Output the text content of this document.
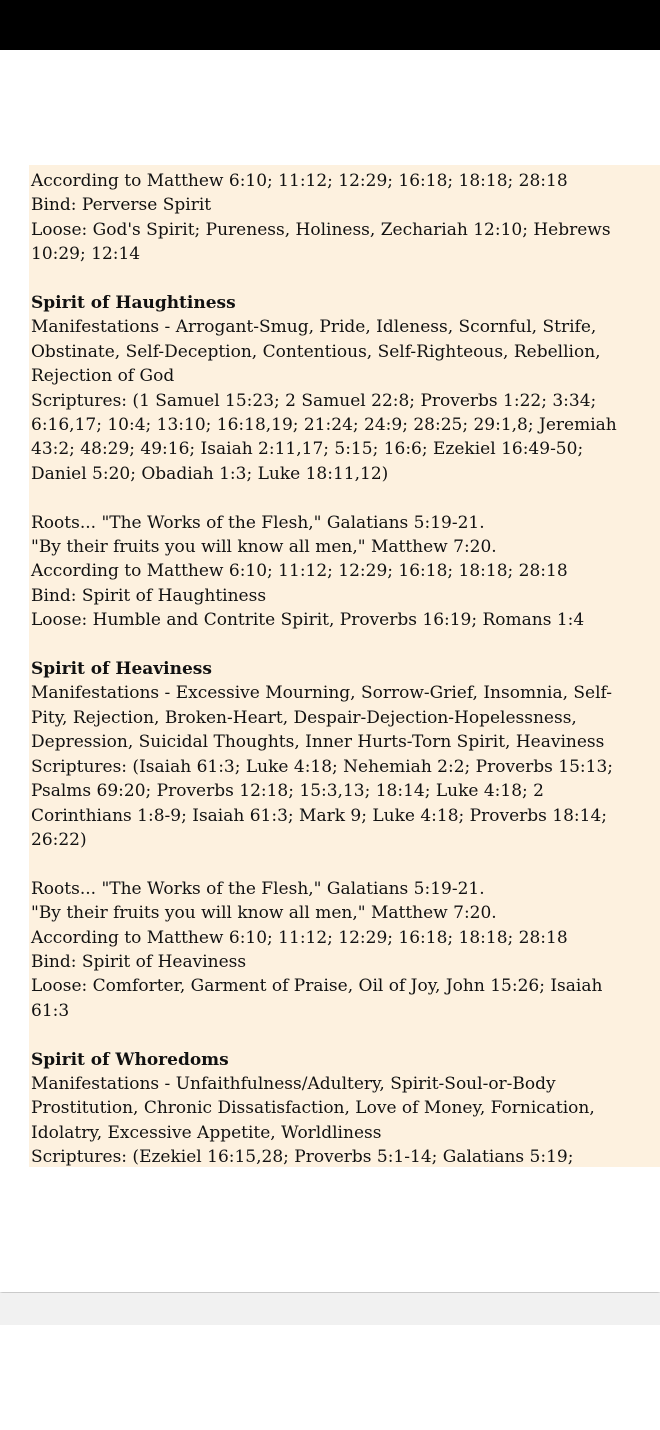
According to Matthew 6:10; 11:12; 12:29; 16:18; 18:18; 28:18
Bind: Perverse Spirit
Loose: God's Spirit; Pureness, Holiness, Zechariah 12:10; Hebrews
10:29; 12:14
Spirit of Haughtiness
Manifestations - Arrogant-Smug, Pride, Idleness, Scornful, Strife,
Obstinate, Self-Deception, Contentious, Self-Righteous, Rebellion,
Rejection of God
Scriptures: (1 Samuel 15:23; 2 Samuel 22:8; Proverbs 1:22; 3:34;
6:16,17; 10:4; 13:10; 16:18,19; 21:24; 24:9; 28:25; 29:1,8; Jeremiah
43:2; 48:29; 49:16; Isaiah 2:11,17; 5:15; 16:6; Ezekiel 16:49-50;
Daniel 5:20; Obadiah 1:3; Luke 18:11,12)
Roots... "The Works of the Flesh," Galatians 5:19-21.
"By their fruits you will know all men," Matthew 7:20.
According to Matthew 6:10; 11:12; 12:29; 16:18; 18:18; 28:18
Bind: Spirit of Haughtiness
Loose: Humble and Contrite Spirit, Proverbs 16:19; Romans 1:4
Spirit of Heaviness
Manifestations - Excessive Mourning, Sorrow-Grief, Insomnia, Self-
Pity, Rejection, Broken-Heart, Despair-Dejection-Hopelessness,
Depression, Suicidal Thoughts, Inner Hurts-Torn Spirit, Heaviness
Scriptures: (Isaiah 61:3; Luke 4:18; Nehemiah 2:2; Proverbs 15:13;
Psalms 69:20; Proverbs 12:18; 15:3,13; 18:14; Luke 4:18; 2
Corinthians 1:8-9; Isaiah 61:3; Mark 9; Luke 4:18; Proverbs 18:14;
26:22)
Roots... "The Works of the Flesh," Galatians 5:19-21.
"By their fruits you will know all men," Matthew 7:20.
According to Matthew 6:10; 11:12; 12:29; 16:18; 18:18; 28:18
Bind: Spirit of Heaviness
Loose: Comforter, Garment of Praise, Oil of Joy, John 15:26; Isaiah
61:3
Spirit of Whoredoms
Manifestations - Unfaithfulness/Adultery, Spirit-Soul-or-Body
Prostitution, Chronic Dissatisfaction, Love of Money, Fornication,
Idolatry, Excessive Appetite, Worldliness
Scriptures: (Ezekiel 16:15,28; Proverbs 5:1-14; Galatians 5:19;
